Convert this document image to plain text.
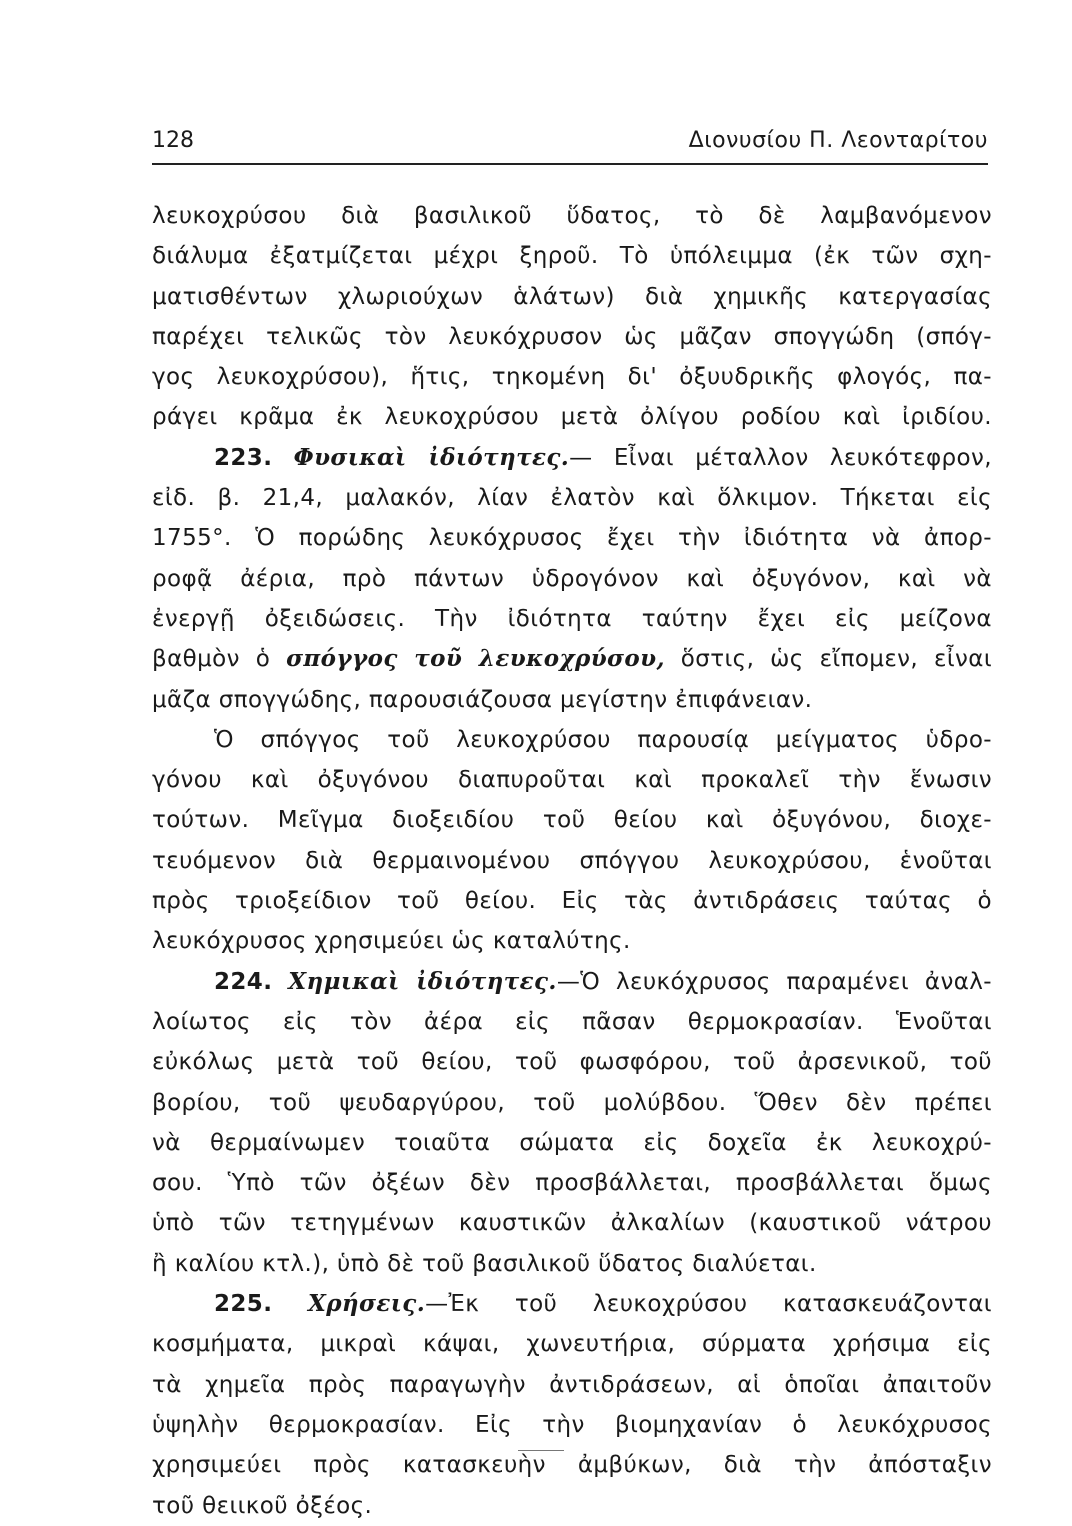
128	Διονυσίου Π. Λεονταρίτου
λευκοχρύσου διὰ βασιλικοῦ ὕδατος, τὸ δὲ λαμβανόμενον
διάλυμα ἐξατμίζεται μέχρι ξηροῦ. Τὸ ὑπόλειμμα (ἐκ τῶν σχη-
ματισθέντων χλωριούχων ἁλάτων) διὰ χημικῆς κατεργασίας
παρέχει τελικῶς τὸν λευκόχρυσον ὡς μᾶζαν σπογγώδη (σπόγ-
γος λευκοχρύσου), ἥτις, τηκομένη δι' ὀξυυδρικῆς φλογός, πα-
ράγει κρᾶμα ἐκ λευκοχρύσου μετὰ ὀλίγου ροδίου καὶ ἰριδίου.
223. Φυσικαὶ ἰδιότητες.— Εἶναι μέταλλον λευκότεφρον,
εἰδ. β. 21,4, μαλακόν, λίαν ἐλατὸν καὶ ὅλκιμον. Τήκεται εἰς
1755°. Ὁ πορώδης λευκόχρυσος ἔχει τὴν ἰδιότητα νὰ ἀπορ-
ροφᾷ ἀέρια, πρὸ πάντων ὑδρογόνον καὶ ὀξυγόνον, καὶ νὰ
ἐνεργῇ ὀξειδώσεις. Τὴν ἰδιότητα ταύτην ἔχει εἰς μείζονα
βαθμὸν ὁ σπόγγος τοῦ λευκοχρύσου, ὅστις, ὡς εἴπομεν, εἶναι
μᾶζα σπογγώδης, παρουσιάζουσα μεγίστην ἐπιφάνειαν.
Ὁ σπόγγος τοῦ λευκοχρύσου παρουσίᾳ μείγματος ὑδρο-
γόνου καὶ ὀξυγόνου διαπυροῦται καὶ προκαλεῖ τὴν ἕνωσιν
τούτων. Μεῖγμα διοξειδίου τοῦ θείου καὶ ὀξυγόνου, διοχε-
τευόμενον διὰ θερμαινομένου σπόγγου λευκοχρύσου, ἑνοῦται
πρὸς τριοξείδιον τοῦ θείου. Εἰς τὰς ἀντιδράσεις ταύτας ὁ
λευκόχρυσος χρησιμεύει ὡς καταλύτης.
224. Χημικαὶ ἰδιότητες.—Ὁ λευκόχρυσος παραμένει ἀναλ-
λοίωτος εἰς τὸν ἀέρα εἰς πᾶσαν θερμοκρασίαν. Ἑνοῦται
εὐκόλως μετὰ τοῦ θείου, τοῦ φωσφόρου, τοῦ ἀρσενικοῦ, τοῦ
βορίου, τοῦ ψευδαργύρου, τοῦ μολύβδου. Ὅθεν δὲν πρέπει
νὰ θερμαίνωμεν τοιαῦτα σώματα εἰς δοχεῖα ἐκ λευκοχρύ-
σου. Ὑπὸ τῶν ὀξέων δὲν προσβάλλεται, προσβάλλεται ὅμως
ὑπὸ τῶν τετηγμένων καυστικῶν ἀλκαλίων (καυστικοῦ νάτρου
ἢ καλίου κτλ.), ὑπὸ δὲ τοῦ βασιλικοῦ ὕδατος διαλύεται.
225. Χρήσεις.—Ἐκ τοῦ λευκοχρύσου κατασκευάζονται
κοσμήματα, μικραὶ κάψαι, χωνευτήρια, σύρματα χρήσιμα εἰς
τὰ χημεῖα πρὸς παραγωγὴν ἀντιδράσεων, αἱ ὁποῖαι ἀπαιτοῦν
ὑψηλὴν θερμοκρασίαν. Εἰς τὴν βιομηχανίαν ὁ λευκόχρυσος
χρησιμεύει πρὸς κατασκευὴν ἀμβύκων, διὰ τὴν ἀπόσταξιν
τοῦ θειικοῦ ὀξέος.
